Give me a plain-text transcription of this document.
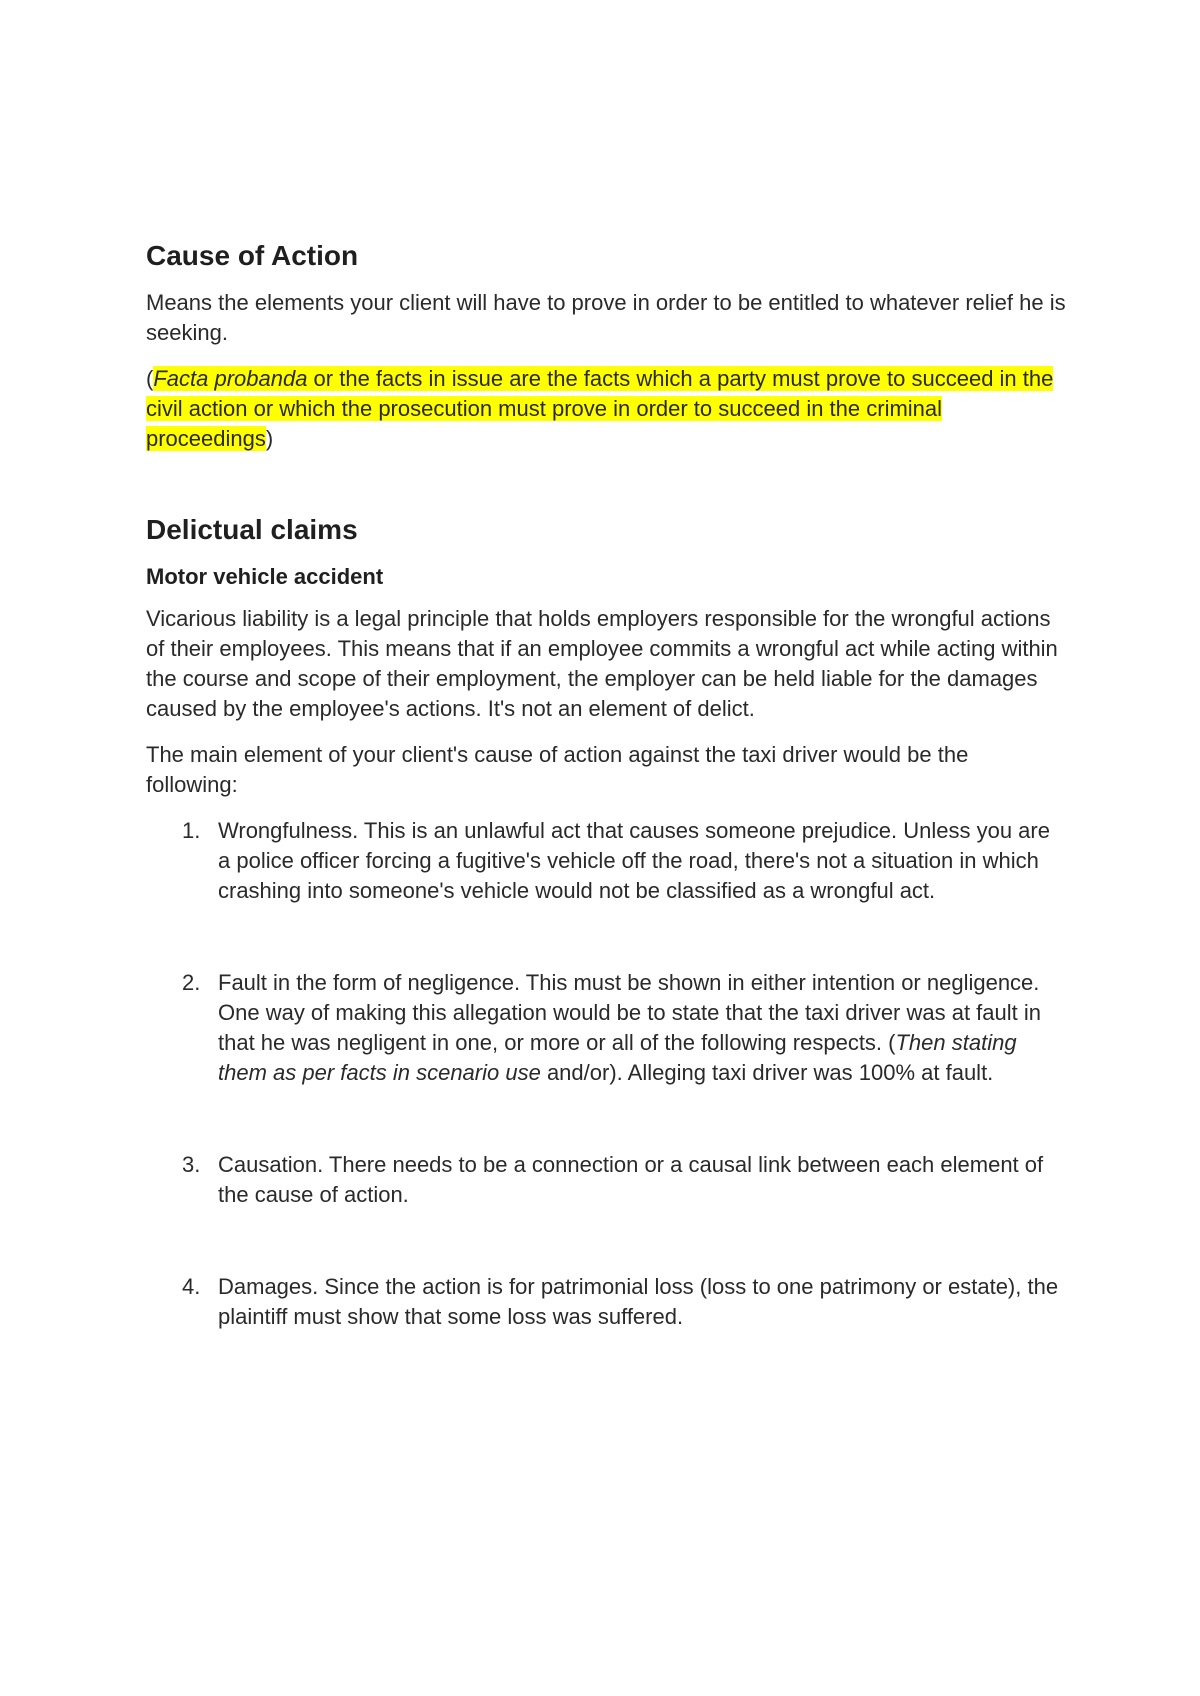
Cause of Action

Means the elements your client will have to prove in order to be entitled to whatever relief he is seeking.

(Facta probanda or the facts in issue are the facts which a party must prove to succeed in the civil action or which the prosecution must prove in order to succeed in the criminal proceedings)

Delictual claims
Motor vehicle accident

Vicarious liability is a legal principle that holds employers responsible for the wrongful actions of their employees. This means that if an employee commits a wrongful act while acting within the course and scope of their employment, the employer can be held liable for the damages caused by the employee's actions. It's not an element of delict.

The main element of your client's cause of action against the taxi driver would be the following:

1. Wrongfulness. This is an unlawful act that causes someone prejudice. Unless you are a police officer forcing a fugitive's vehicle off the road, there's not a situation in which crashing into someone's vehicle would not be classified as a wrongful act.
2. Fault in the form of negligence. This must be shown in either intention or negligence. One way of making this allegation would be to state that the taxi driver was at fault in that he was negligent in one, or more or all of the following respects. (Then stating them as per facts in scenario use and/or). Alleging taxi driver was 100% at fault.
3. Causation. There needs to be a connection or a causal link between each element of the cause of action.
4. Damages. Since the action is for patrimonial loss (loss to one patrimony or estate), the plaintiff must show that some loss was suffered.
